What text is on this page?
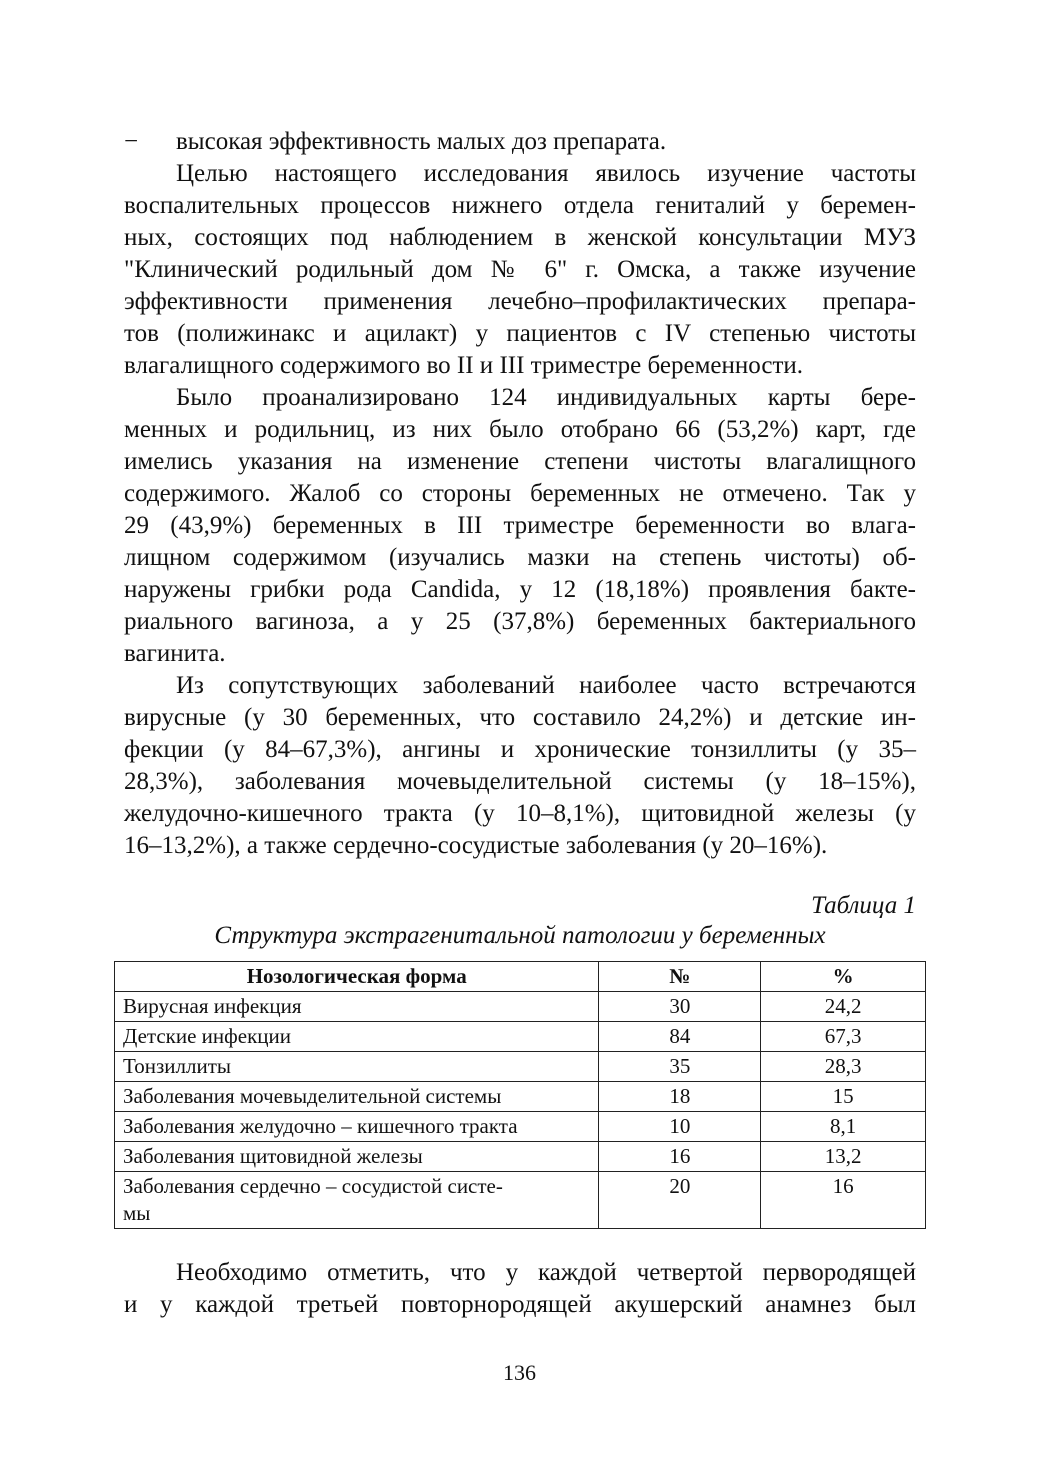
−	высокая эффективность малых доз препарата.
Целью настоящего исследования явилось изучение частоты
воспалительных процессов нижнего отдела гениталий у беремен-
ных, состоящих под наблюдением в женской консультации МУЗ
"Клинический родильный дом № 6" г. Омска, а также изучение
эффективности применения лечебно–профилактических препара-
тов (полижинакс и ацилакт) у пациентов с IV степенью чистоты
влагалищного содержимого во II и III триместре беременности.
Было проанализировано 124 индивидуальных карты бере-
менных и родильниц, из них было отобрано 66 (53,2%) карт, где
имелись указания на изменение степени чистоты влагалищного
содержимого. Жалоб со стороны беременных не отмечено. Так у
29 (43,9%) беременных в III триместре беременности во влага-
лищном содержимом (изучались мазки на степень чистоты) об-
наружены грибки рода Candida, у 12 (18,18%) проявления бакте-
риального вагиноза, а у 25 (37,8%) беременных бактериального
вагинита.
Из сопутствующих заболеваний наиболее часто встречаются
вирусные (у 30 беременных, что составило 24,2%) и детские ин-
фекции (у 84–67,3%), ангины и хронические тонзиллиты (у 35–
28,3%), заболевания мочевыделительной системы (у 18–15%),
желудочно-кишечного тракта (у 10–8,1%), щитовидной железы (у
16–13,2%), а также сердечно-сосудистые заболевания (у 20–16%).
Таблица 1
Структура экстрагенитальной патологии у беременных
Нозологическая форма	№	%
Вирусная инфекция	30	24,2
Детские инфекции	84	67,3
Тонзиллиты	35	28,3
Заболевания мочевыделительной системы	18	15
Заболевания желудочно – кишечного тракта	10	8,1
Заболевания щитовидной железы	16	13,2
Заболевания сердечно – сосудистой систе-
мы	20	16
Необходимо отметить, что у каждой четвертой первородящей
и у каждой третьей повторнородящей акушерский анамнез был
136
